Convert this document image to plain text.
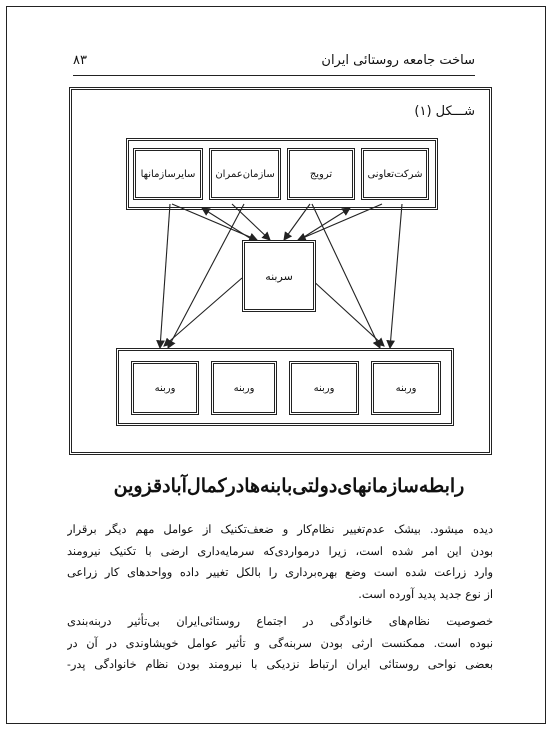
۸۳	ساخت جامعه روستائی ایران
شـــکل (۱)
شرکت‌تعاونی
ترویج
سازمان‌عمران
سایرسازمانها
سربنه
وربنه
وربنه
وربنه
وربنه
رابطه‌سازمانهای‌دولتی‌بابنه‌هادرکمال‌آبادقزوین

دیده میشود. بیشک عدم‌تغییر نظام‌کار و ضعف‌تکنیک از عوامل مهم دیگر برقرار
بودن این امر شده است، زیرا درمواردی‌که سرمایه‌داری ارضی با تکنیک نیرومند
وارد زراعت شده است وضع بهره‌برداری را بالکل تغییر داده وواحدهای کار زراعی
از نوع جدید پدید آورده است.

خصوصیت نظام‌های خانوادگی در اجتماع روستائی‌ایران بی‌تأثیر دربنه‌بندی
نبوده است. ممکنست ارثی بودن سربنه‌گی و تأثیر عوامل خویشاوندی در آن در
بعضی نواحی روستائی ایران ارتباط نزدیکی با نیرومند بودن نظام خانوادگی پدر-
